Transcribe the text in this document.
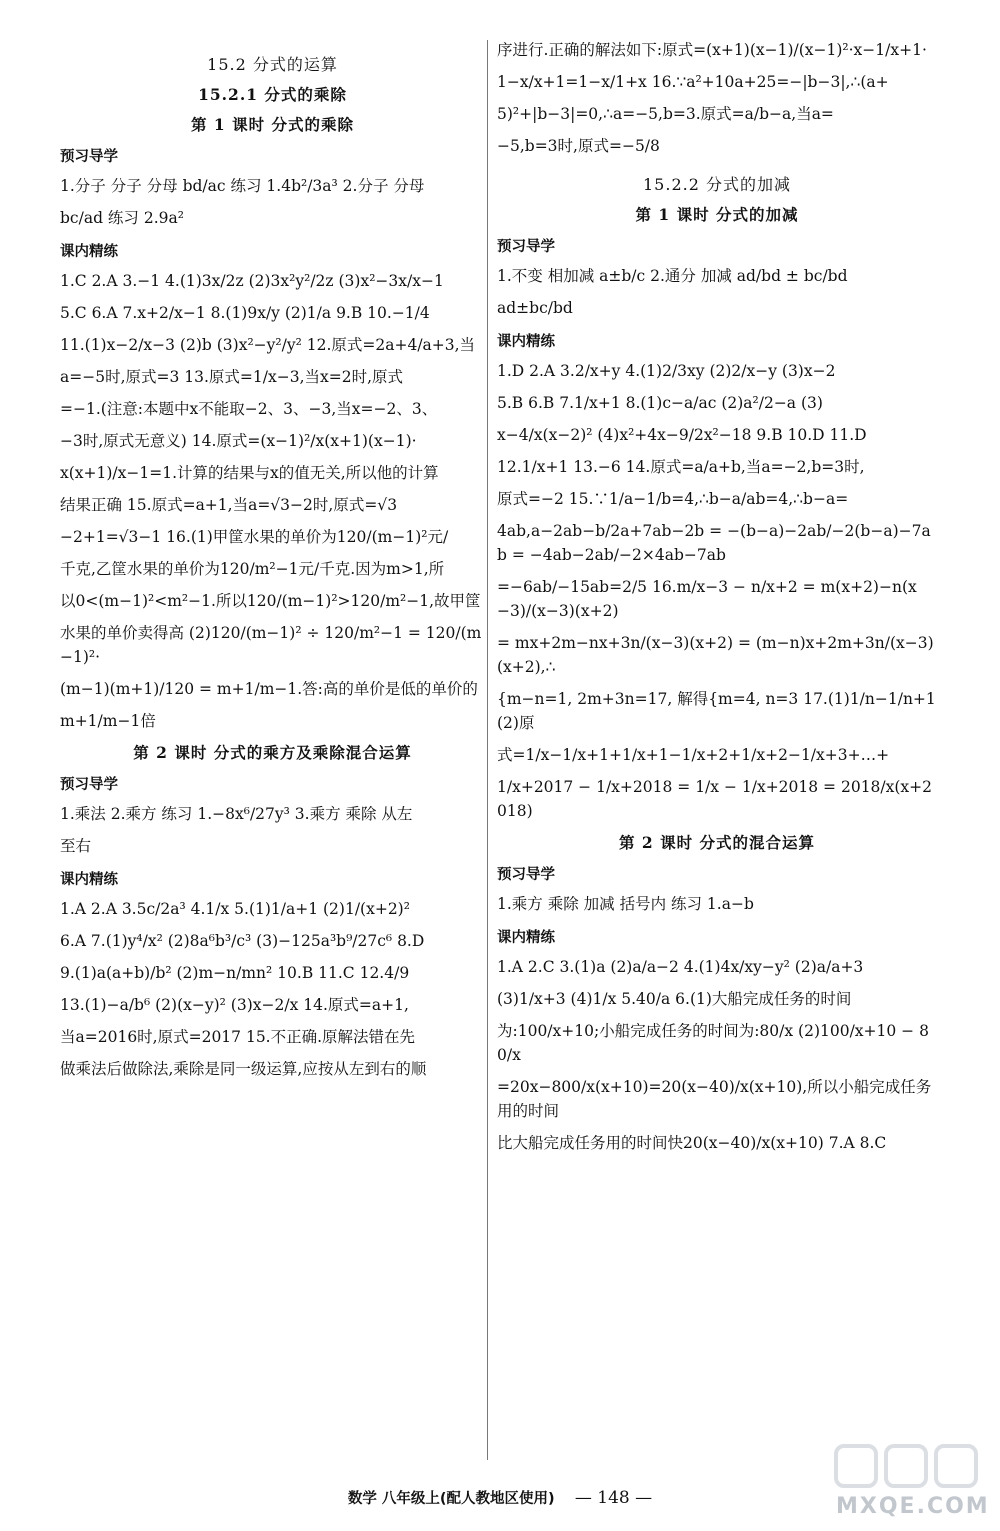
15.2 分式的运算
15.2.1 分式的乘除
第 1 课时 分式的乘除
预习导学

1.分子 分子 分母 bd/ac 练习 1.4b²/3a³ 2.分子 分母

bc/ad 练习 2.9a²

课内精练

1.C 2.A 3.−1 4.(1)3x/2z (2)3x²y²/2z (3)x²−3x/x−1

5.C 6.A 7.x+2/x−1 8.(1)9x/y (2)1/a 9.B 10.−1/4

11.(1)x−2/x−3 (2)b (3)x²−y²/y² 12.原式=2a+4/a+3,当

a=−5时,原式=3 13.原式=1/x−3,当x=2时,原式

=−1.(注意:本题中x不能取−2、3、−3,当x=−2、3、

−3时,原式无意义) 14.原式=(x−1)²/x(x+1)(x−1)·

x(x+1)/x−1=1.计算的结果与x的值无关,所以他的计算

结果正确 15.原式=a+1,当a=√3−2时,原式=√3

−2+1=√3−1 16.(1)甲筐水果的单价为120/(m−1)²元/

千克,乙筐水果的单价为120/m²−1元/千克.因为m>1,所

以0<(m−1)²<m²−1.所以120/(m−1)²>120/m²−1,故甲筐

水果的单价卖得高 (2)120/(m−1)² ÷ 120/m²−1 = 120/(m−1)²·

(m−1)(m+1)/120 = m+1/m−1.答:高的单价是低的单价的

m+1/m−1倍

第 2 课时 分式的乘方及乘除混合运算
预习导学

1.乘法 2.乘方 练习 1.−8x⁶/27y³ 3.乘方 乘除 从左

至右

课内精练

1.A 2.A 3.5c/2a³ 4.1/x 5.(1)1/a+1 (2)1/(x+2)²

6.A 7.(1)y⁴/x² (2)8a⁶b³/c³ (3)−125a³b⁹/27c⁶ 8.D

9.(1)a(a+b)/b² (2)m−n/mn² 10.B 11.C 12.4/9

13.(1)−a/b⁶ (2)(x−y)² (3)x−2/x 14.原式=a+1,

当a=2016时,原式=2017 15.不正确.原解法错在先

做乘法后做除法,乘除是同一级运算,应按从左到右的顺

序进行.正确的解法如下:原式=(x+1)(x−1)/(x−1)²·x−1/x+1·

1−x/x+1=1−x/1+x 16.∵a²+10a+25=−|b−3|,∴(a+

5)²+|b−3|=0,∴a=−5,b=3.原式=a/b−a,当a=

−5,b=3时,原式=−5/8

15.2.2 分式的加减
第 1 课时 分式的加减
预习导学

1.不变 相加减 a±b/c 2.通分 加减 ad/bd ± bc/bd

ad±bc/bd

课内精练

1.D 2.A 3.2/x+y 4.(1)2/3xy (2)2/x−y (3)x−2

5.B 6.B 7.1/x+1 8.(1)c−a/ac (2)a²/2−a (3)

x−4/x(x−2)² (4)x²+4x−9/2x²−18 9.B 10.D 11.D

12.1/x+1 13.−6 14.原式=a/a+b,当a=−2,b=3时,

原式=−2 15.∵1/a−1/b=4,∴b−a/ab=4,∴b−a=

4ab,a−2ab−b/2a+7ab−2b = −(b−a)−2ab/−2(b−a)−7ab = −4ab−2ab/−2×4ab−7ab

=−6ab/−15ab=2/5 16.m/x−3 − n/x+2 = m(x+2)−n(x−3)/(x−3)(x+2)

= mx+2m−nx+3n/(x−3)(x+2) = (m−n)x+2m+3n/(x−3)(x+2),∴

{m−n=1, 2m+3n=17, 解得{m=4, n=3 17.(1)1/n−1/n+1 (2)原

式=1/x−1/x+1+1/x+1−1/x+2+1/x+2−1/x+3+…+

1/x+2017 − 1/x+2018 = 1/x − 1/x+2018 = 2018/x(x+2018)

第 2 课时 分式的混合运算
预习导学

1.乘方 乘除 加减 括号内 练习 1.a−b

课内精练

1.A 2.C 3.(1)a (2)a/a−2 4.(1)4x/xy−y² (2)a/a+3

(3)1/x+3 (4)1/x 5.40/a 6.(1)大船完成任务的时间

为:100/x+10;小船完成任务的时间为:80/x (2)100/x+10 − 80/x

=20x−800/x(x+10)=20(x−40)/x(x+10),所以小船完成任务用的时间

比大船完成任务用的时间快20(x−40)/x(x+10) 7.A 8.C

数学 八年级上(配人教地区使用) — 148 —	MXQE.COM
